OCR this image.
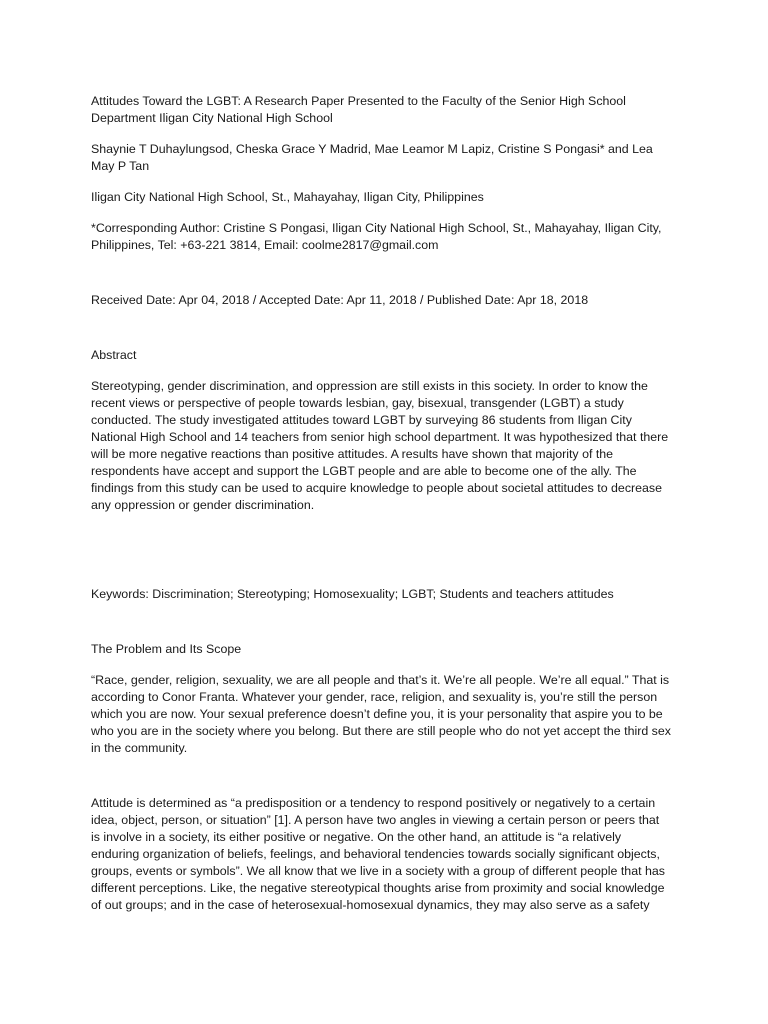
Attitudes Toward the LGBT: A Research Paper Presented to the Faculty of the Senior High School Department Iligan City National High School

Shaynie T Duhaylungsod, Cheska Grace Y Madrid, Mae Leamor M Lapiz, Cristine S Pongasi* and Lea May P Tan

Iligan City National High School, St., Mahayahay, Iligan City, Philippines

*Corresponding Author: Cristine S Pongasi, Iligan City National High School, St., Mahayahay, Iligan City, Philippines, Tel: +63-221 3814, Email: coolme2817@gmail.com

Received Date: Apr 04, 2018 / Accepted Date: Apr 11, 2018 / Published Date: Apr 18, 2018

Abstract

Stereotyping, gender discrimination, and oppression are still exists in this society. In order to know the recent views or perspective of people towards lesbian, gay, bisexual, transgender (LGBT) a study conducted. The study investigated attitudes toward LGBT by surveying 86 students from Iligan City National High School and 14 teachers from senior high school department. It was hypothesized that there will be more negative reactions than positive attitudes. A results have shown that majority of the respondents have accept and support the LGBT people and are able to become one of the ally. The findings from this study can be used to acquire knowledge to people about societal attitudes to decrease any oppression or gender discrimination.

Keywords: Discrimination; Stereotyping; Homosexuality; LGBT; Students and teachers attitudes

The Problem and Its Scope

“Race, gender, religion, sexuality, we are all people and that’s it. We’re all people. We’re all equal.” That is according to Conor Franta. Whatever your gender, race, religion, and sexuality is, you’re still the person which you are now. Your sexual preference doesn’t define you, it is your personality that aspire you to be who you are in the society where you belong. But there are still people who do not yet accept the third sex in the community.

Attitude is determined as “a predisposition or a tendency to respond positively or negatively to a certain idea, object, person, or situation” [1]. A person have two angles in viewing a certain person or peers that is involve in a society, its either positive or negative. On the other hand, an attitude is “a relatively enduring organization of beliefs, feelings, and behavioral tendencies towards socially significant objects, groups, events or symbols”. We all know that we live in a society with a group of different people that has different perceptions. Like, the negative stereotypical thoughts arise from proximity and social knowledge of out groups; and in the case of heterosexual-homosexual dynamics, they may also serve as a safety
